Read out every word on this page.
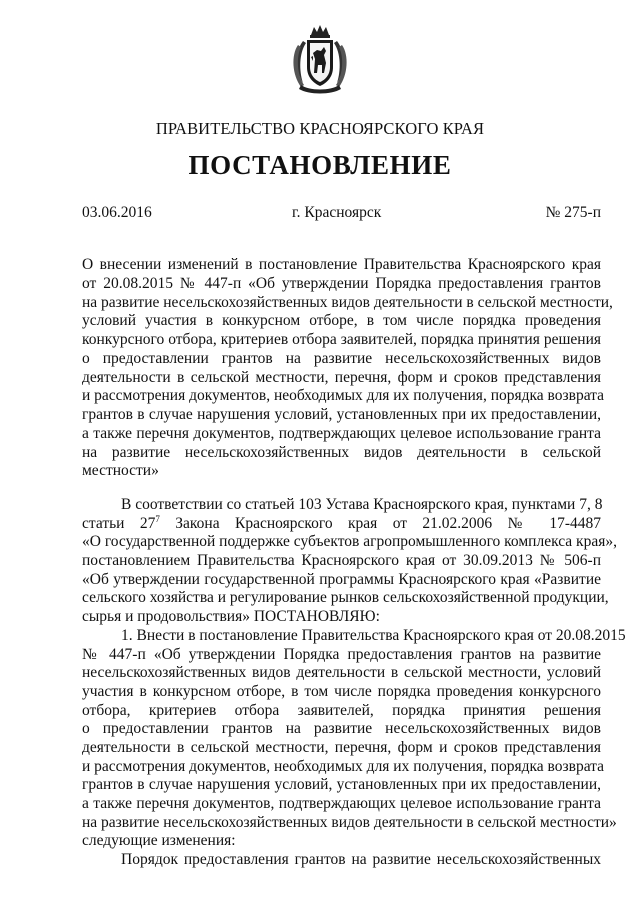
ПРАВИТЕЛЬСТВО КРАСНОЯРСКОГО КРАЯ
ПОСТАНОВЛЕНИЕ
03.06.2016	г. Красноярск	№ 275-п
О внесении изменений в постановление Правительства Красноярского края
от 20.08.2015 № 447-п «Об утверждении Порядка предоставления грантов
на развитие несельскохозяйственных видов деятельности в сельской местности,
условий участия в конкурсном отборе, в том числе порядка проведения
конкурсного отбора, критериев отбора заявителей, порядка принятия решения
о предоставлении грантов на развитие несельскохозяйственных видов
деятельности в сельской местности, перечня, форм и сроков представления
и рассмотрения документов, необходимых для их получения, порядка возврата
грантов в случае нарушения условий, установленных при их предоставлении,
а также перечня документов, подтверждающих целевое использование гранта
на развитие несельскохозяйственных видов деятельности в сельской
местности»
В соответствии со статьей 103 Устава Красноярского края, пунктами 7, 8
статьи $27^7$ Закона Красноярского края от 21.02.2006 № 17-4487
«О государственной поддержке субъектов агропромышленного комплекса края»,
постановлением Правительства Красноярского края от 30.09.2013 № 506-п
«Об утверждении государственной программы Красноярского края «Развитие
сельского хозяйства и регулирование рынков сельскохозяйственной продукции,
сырья и продовольствия» ПОСТАНОВЛЯЮ:
1. Внести в постановление Правительства Красноярского края от 20.08.2015
№ 447-п «Об утверждении Порядка предоставления грантов на развитие
несельскохозяйственных видов деятельности в сельской местности, условий
участия в конкурсном отборе, в том числе порядка проведения конкурсного
отбора, критериев отбора заявителей, порядка принятия решения
о предоставлении грантов на развитие несельскохозяйственных видов
деятельности в сельской местности, перечня, форм и сроков представления
и рассмотрения документов, необходимых для их получения, порядка возврата
грантов в случае нарушения условий, установленных при их предоставлении,
а также перечня документов, подтверждающих целевое использование гранта
на развитие несельскохозяйственных видов деятельности в сельской местности»
следующие изменения:
Порядок предоставления грантов на развитие несельскохозяйственных
